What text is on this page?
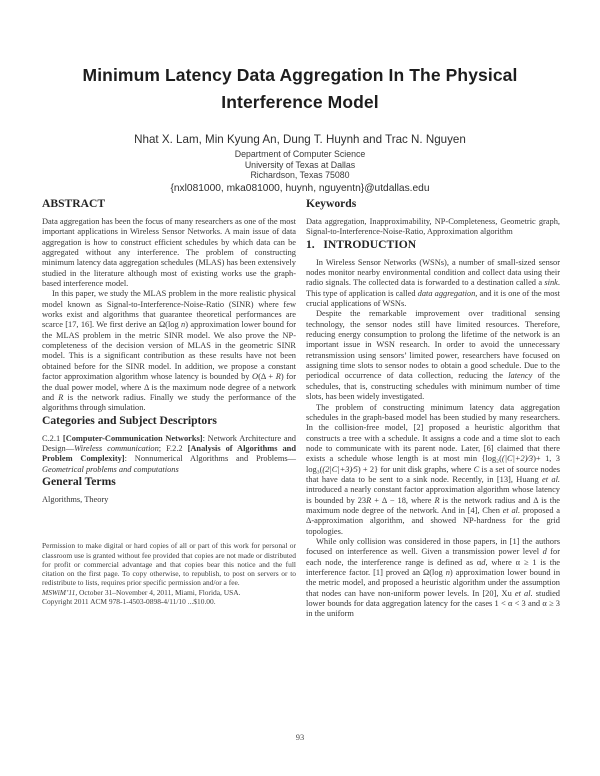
Minimum Latency Data Aggregation In The Physical
Interference Model
Nhat X. Lam, Min Kyung An, Dung T. Huynh and Trac N. Nguyen
Department of Computer Science
University of Texas at Dallas
Richardson, Texas 75080
{nxl081000, mka081000, huynh, nguyentn}@utdallas.edu
ABSTRACT

Data aggregation has been the focus of many researchers as one of the most important applications in Wireless Sensor Networks. A main issue of data aggregation is how to construct efficient schedules by which data can be aggregated without any interference. The problem of constructing minimum latency data aggregation schedules (MLAS) has been extensively studied in the literature although most of existing works use the graph-based interference model.

In this paper, we study the MLAS problem in the more realistic physical model known as Signal-to-Interference-Noise-Ratio (SINR) where few works exist and algorithms that guarantee theoretical performances are scarce [17, 16]. We first derive an Ω(log n) approximation lower bound for the MLAS problem in the metric SINR model. We also prove the NP-completeness of the decision version of MLAS in the geometric SINR model. This is a significant contribution as these results have not been obtained before for the SINR model. In addition, we propose a constant factor approximation algorithm whose latency is bounded by O(Δ + R) for the dual power model, where Δ is the maximum node degree of a network and R is the network radius. Finally we study the performance of the algorithms through simulation.

Categories and Subject Descriptors

C.2.1 [Computer-Communication Networks]: Network Architecture and Design—Wireless communication; F.2.2 [Analysis of Algorithms and Problem Complexity]: Nonnumerical Algorithms and Problems—Geometrical problems and computations

General Terms

Algorithms, Theory

Permission to make digital or hard copies of all or part of this work for personal or classroom use is granted without fee provided that copies are not made or distributed for profit or commercial advantage and that copies bear this notice and the full citation on the first page. To copy otherwise, to republish, to post on servers or to redistribute to lists, requires prior specific permission and/or a fee.

MSWiM’11, October 31–November 4, 2011, Miami, Florida, USA.

Copyright 2011 ACM 978-1-4503-0898-4/11/10 ...$10.00.

Keywords

Data aggregation, Inapproximability, NP-Completeness, Geometric graph, Signal-to-Interference-Noise-Ratio, Approximation algorithm

1.   INTRODUCTION

In Wireless Sensor Networks (WSNs), a number of small-sized sensor nodes monitor nearby environmental condition and collect data using their radio signals. The collected data is forwarded to a destination called a sink. This type of application is called data aggregation, and it is one of the most crucial applications of WSNs.

Despite the remarkable improvement over traditional sensing technology, the sensor nodes still have limited resources. Therefore, reducing energy consumption to prolong the lifetime of the network is an important issue in WSN research. In order to avoid the unnecessary retransmission using sensors’ limited power, researchers have focused on assigning time slots to sensor nodes to obtain a good schedule. Due to the periodical occurrence of data collection, reducing the latency of the schedules, that is, constructing schedules with minimum number of time slots, has been widely investigated.

The problem of constructing minimum latency data aggregation schedules in the graph-based model has been studied by many researchers. In the collision-free model, [2] proposed a heuristic algorithm that constructs a tree with a schedule. It assigns a code and a time slot to each node to communicate with its parent node. Later, [6] claimed that there exists a schedule whose length is at most min {log₂((|C|+2)⁄3)+ 1, 3 log₃((2|C|+3)⁄5) + 2} for unit disk graphs, where C is a set of source nodes that have data to be sent to a sink node. Recently, in [13], Huang et al. introduced a nearly constant factor approximation algorithm whose latency is bounded by 23R + Δ − 18, where R is the network radius and Δ is the maximum node degree of the network. And in [4], Chen et al. proposed a Δ-approximation algorithm, and showed NP-hardness for the grid topologies.

While only collision was considered in those papers, in [1] the authors focused on interference as well. Given a transmission power level d for each node, the interference range is defined as αd, where α ≥ 1 is the interference factor. [1] proved an Ω(log n) approximation lower bound in the metric model, and proposed a heuristic algorithm under the assumption that nodes can have non-uniform power levels. In [20], Xu et al. studied lower bounds for data aggregation latency for the cases 1 < α < 3 and α ≥ 3 in the uniform

93
